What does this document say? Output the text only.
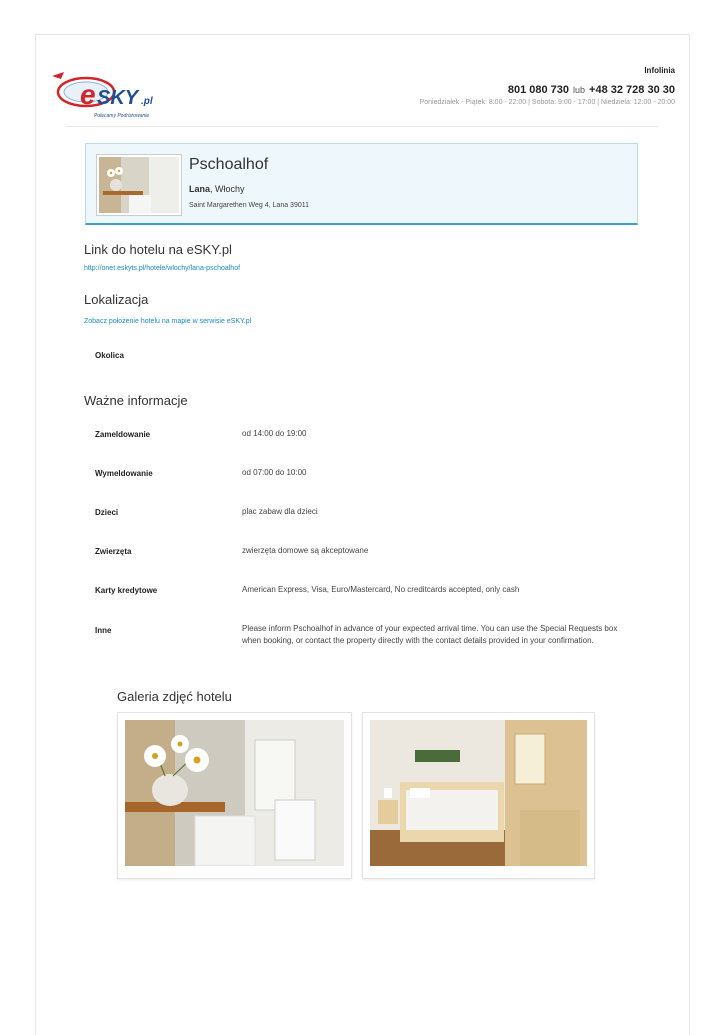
e SKY .pl
Polecamy Podróżowanie
Infolinia
801 080 730 lub +48 32 728 30 30
Poniedziałek - Piątek: 8:00 - 22:00 | Sobota: 9:00 - 17:00 | Niedziela: 12:00 - 20:00
Pschoalhof
Lana, Włochy
Saint Margarethen Weg 4, Lana 39011
Link do hotelu na eSKY.pl
http://onet.eskyts.pl/hotele/wlochy/lana-pschoalhof
Lokalizacja
Zobacz położenie hotelu na mapie w serwisie eSKY.pl
Okolica
Ważne informacje
Zameldowanie	od 14:00 do 19:00
Wymeldowanie	od 07:00 do 10:00
Dzieci	plac zabaw dla dzieci
Zwierzęta	zwierzęta domowe są akceptowane
Karty kredytowe	American Express, Visa, Euro/Mastercard, No creditcards accepted, only cash
Inne	Please inform Pschoalhof in advance of your expected arrival time. You can use the Special Requests box when booking, or contact the property directly with the contact details provided in your confirmation.
Galeria zdjęć hotelu
